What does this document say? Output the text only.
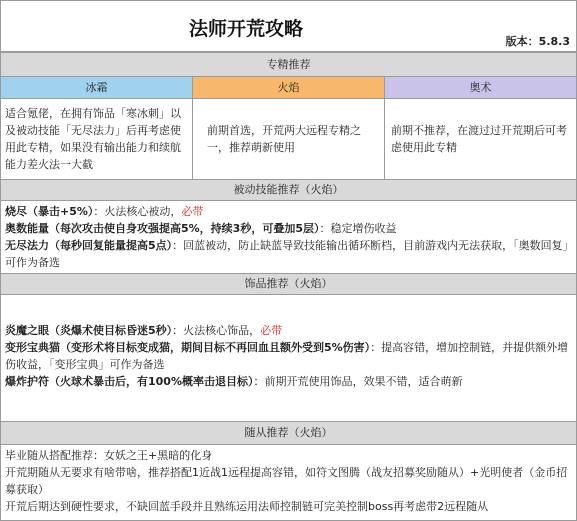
法师开荒攻略
版本：5.8.3
专精推荐
冰霜	火焰	奥术
适合氪佬，在拥有饰品「寒冰刺」以及被动技能「无尽法力」后再考虑使用此专精，如果没有输出能力和续航能力差火法一大截
前期首选，开荒两大远程专精之一，推荐萌新使用
前期不推荐，在渡过过开荒期后可考虑使用此专精
被动技能推荐（火焰）
烧尽（暴击+5%）：火法核心被动，必带
奥数能量（每次攻击使自身攻强提高5%，持续3秒，可叠加5层）：稳定增伤收益
无尽法力（每秒回复能量提高5点）：回蓝被动，防止缺蓝导致技能输出循环断档，目前游戏内无法获取，「奥数回复」可作为备选
饰品推荐（火焰）
炎魔之眼（炎爆术使目标昏迷5秒）：火法核心饰品，必带
变形宝典猫（变形术将目标变成猫，期间目标不再回血且额外受到5%伤害）：提高容错，增加控制链，并提供额外增伤收益，「变形宝典」可作为备选
爆炸护符（火球术暴击后，有100%概率击退目标）：前期开荒使用饰品，效果不错，适合萌新
随从推荐（火焰）
毕业随从搭配推荐：女妖之王+黑暗的化身
开荒期随从无要求有啥带啥，推荐搭配1近战1远程提高容错，如符文图腾（战友招募奖励随从）+光明使者（金币招募获取）
开荒后期达到硬性要求，不缺回蓝手段并且熟练运用法师控制链可完美控制boss再考虑带2远程随从
